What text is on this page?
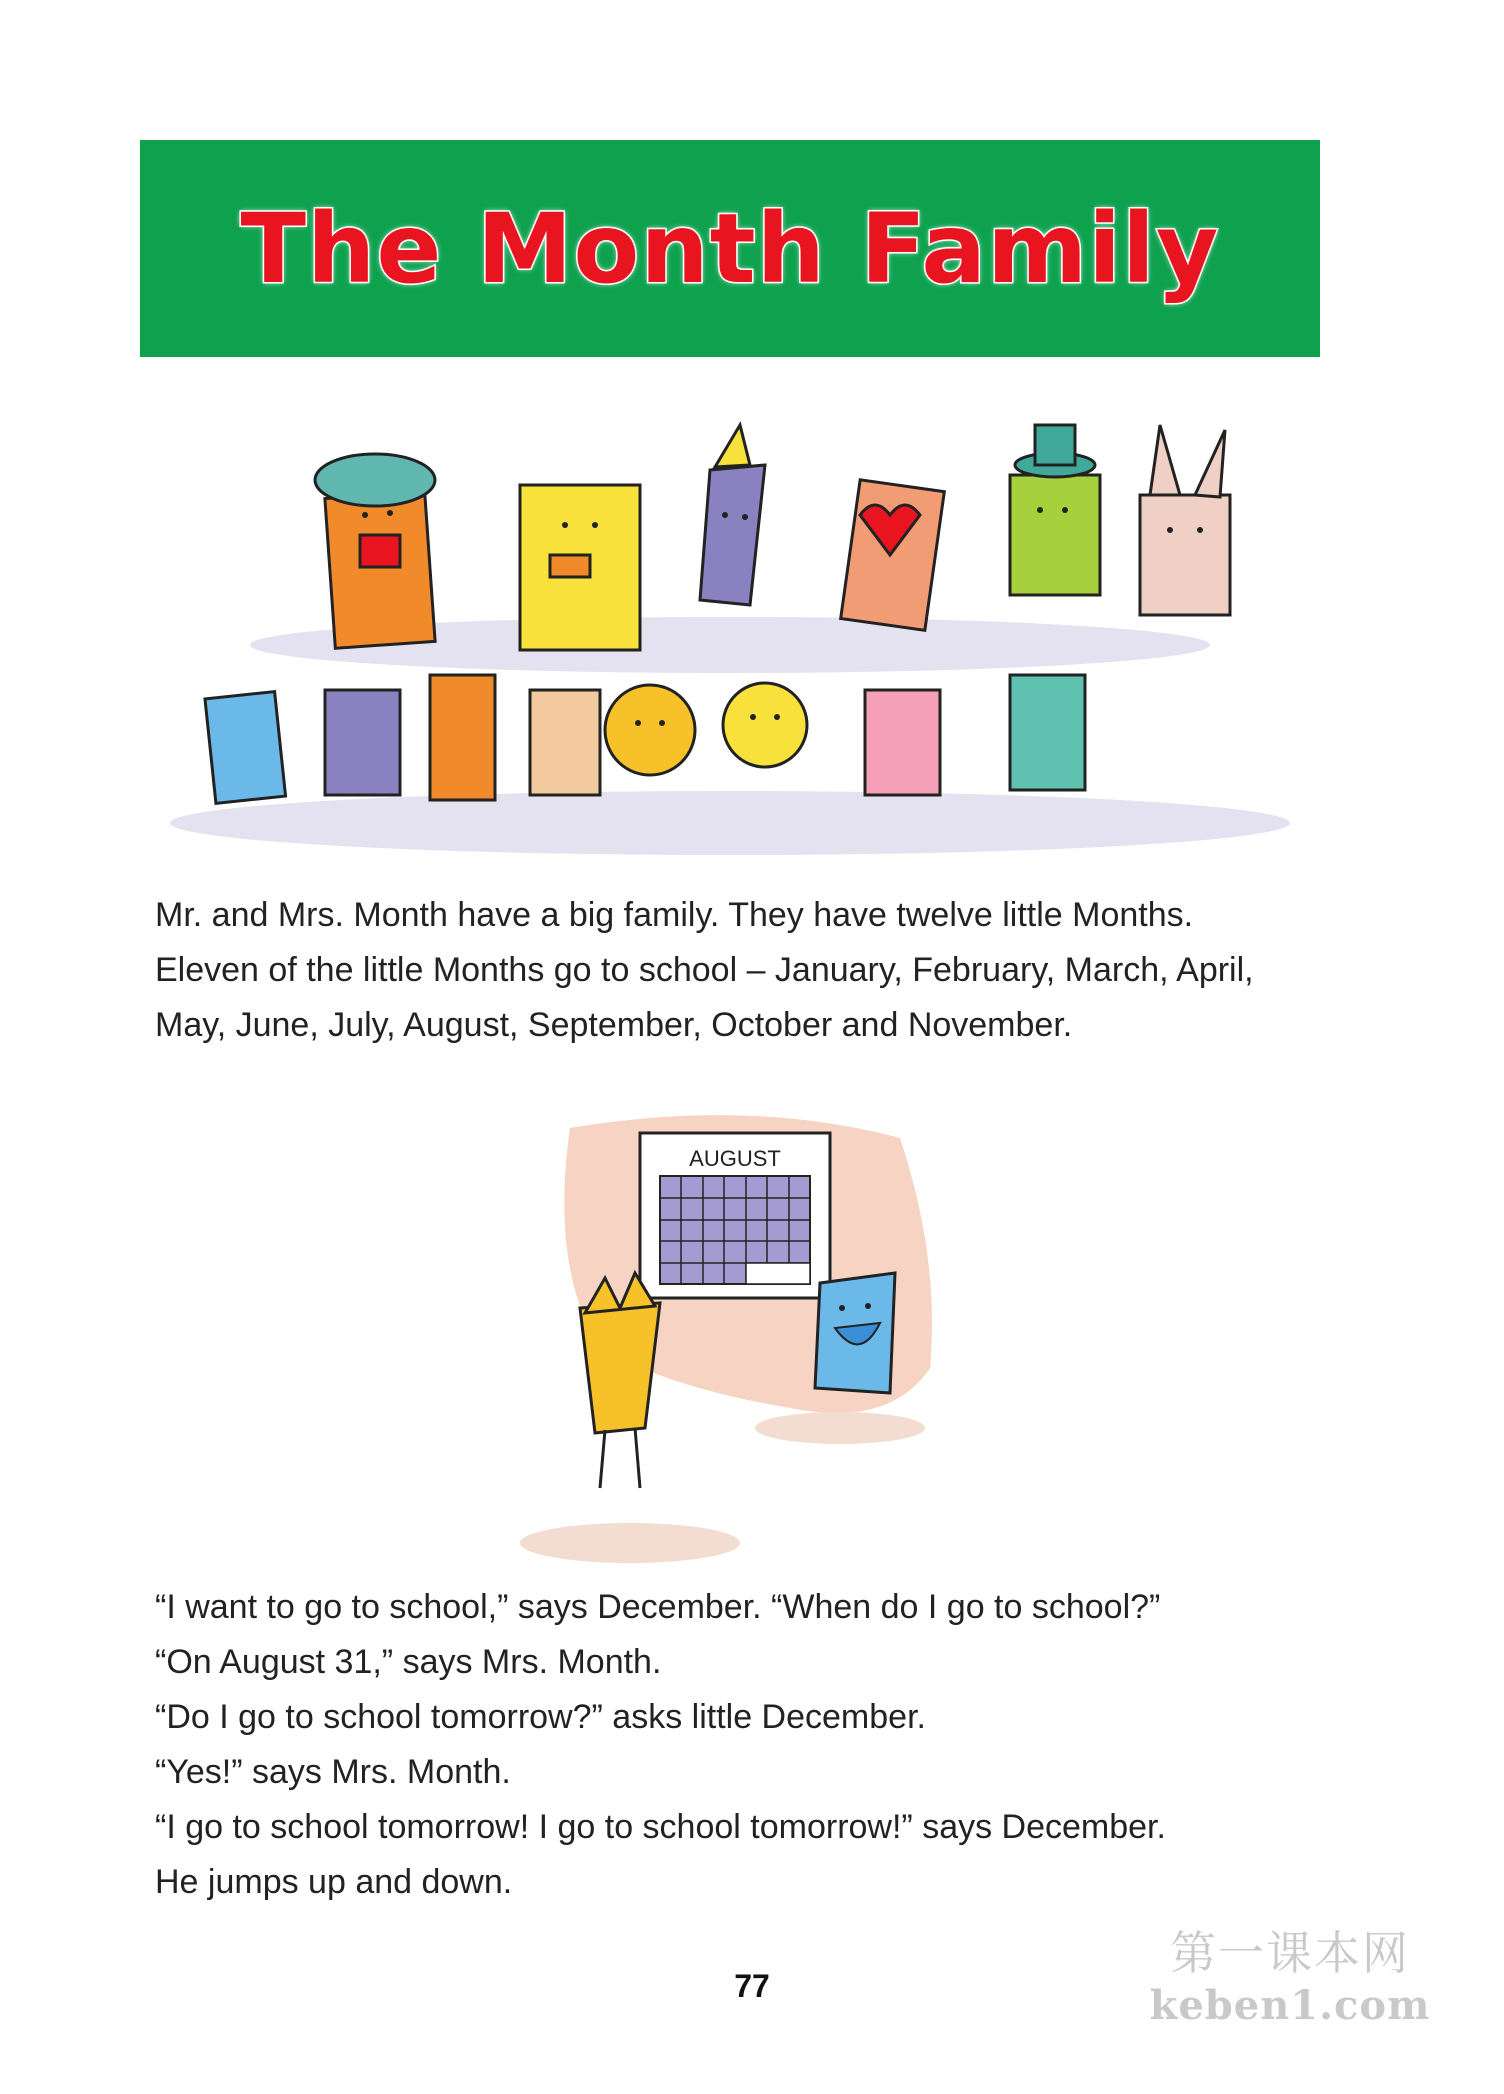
The Month Family

Mr. and Mrs. Month have a big family. They have twelve little Months.

Eleven of the little Months go to school – January, February, March, April,

May, June, July, August, September, October and November.

AUGUST

“I want to go to school,” says December. “When do I go to school?”

“On August 31,” says Mrs. Month.

“Do I go to school tomorrow?” asks little December.

“Yes!” says Mrs. Month.

“I go to school tomorrow! I go to school tomorrow!” says December.

He jumps up and down.

77
第一课本网
keben1.com
